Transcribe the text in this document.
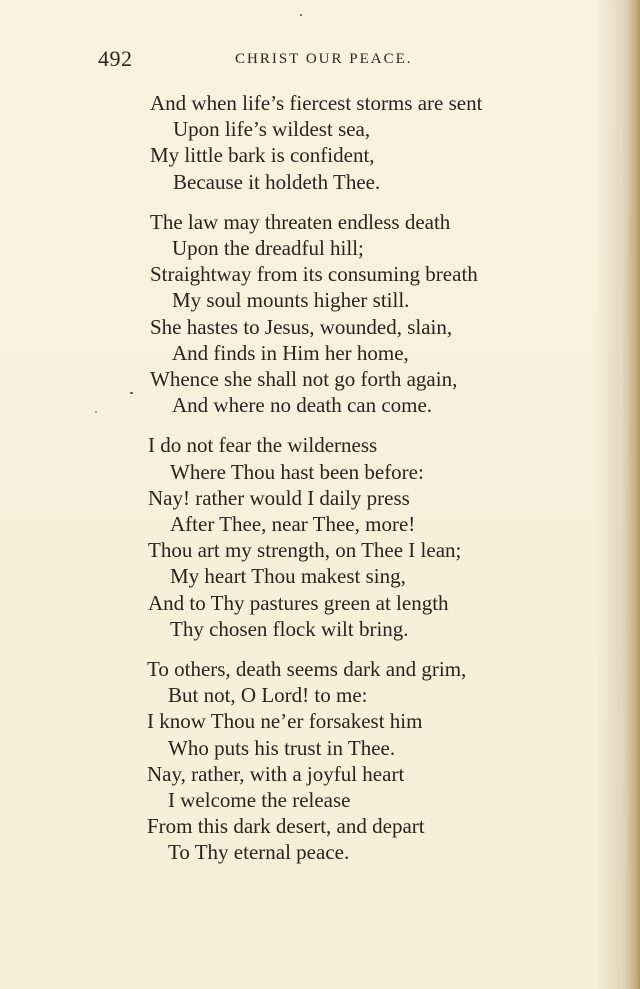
492	CHRIST OUR PEACE.
And when life’s fiercest storms are sent
Upon life’s wildest sea,
My little bark is confident,
Because it holdeth Thee.
The law may threaten endless death
Upon the dreadful hill;
Straightway from its consuming breath
My soul mounts higher still.
She hastes to Jesus, wounded, slain,
And finds in Him her home,
Whence she shall not go forth again,
And where no death can come.
I do not fear the wilderness
Where Thou hast been before:
Nay! rather would I daily press
After Thee, near Thee, more!
Thou art my strength, on Thee I lean;
My heart Thou makest sing,
And to Thy pastures green at length
Thy chosen flock wilt bring.
To others, death seems dark and grim,
But not, O Lord! to me:
I know Thou ne’er forsakest him
Who puts his trust in Thee.
Nay, rather, with a joyful heart
I welcome the release
From this dark desert, and depart
To Thy eternal peace.
